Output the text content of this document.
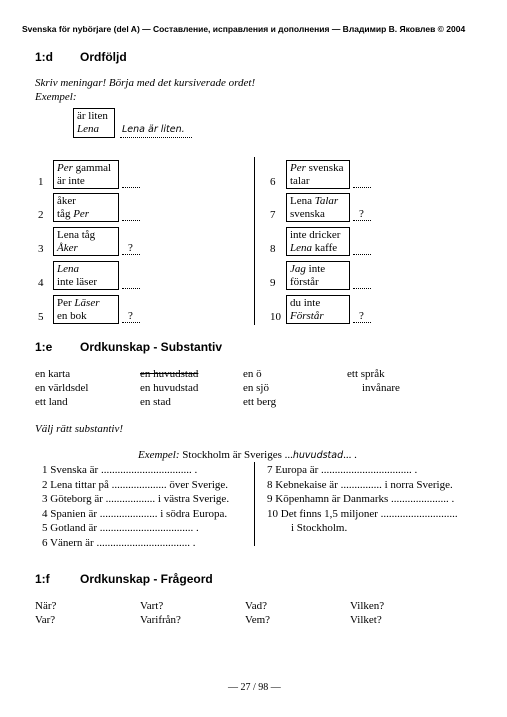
Svenska för nybörjare (del A) — Составление, исправления и дополнения — Владимир В. Яковлев © 2004
1:d Ordföljd
Skriv meningar! Börja med det kursiverade ordet!
Exempel:
är liten
Lena	Lena är liten.
1
Per gammal
är inte
2
åker
tåg Per
3
Lena tåg
Åker	?
4
Lena
inte läser
5
Per Läser
en bok	?
6
Per svenska
talar
7
Lena Talar
svenska	?
8
inte dricker
Lena kaffe
9
Jag inte
förstår
10
du inte
Förstår	?
1:e Ordkunskap - Substantiv
en karta	en huvudstad	en ö	ett språk
en världsdel	en huvudstad	en sjö	invånare
ett land	en stad	ett berg
Välj rätt substantiv!
Exempel: Stockholm är Sveriges ...huvudstad... .
1 Svenska är ................................. .
2 Lena tittar på .................... över Sverige.
3 Göteborg är .................. i västra Sverige.
4 Spanien är ..................... i södra Europa.
5 Gotland är .................................. .
6 Vänern är .................................. .
7 Europa är ................................. .
8 Kebnekaise är ............... i norra Sverige.
9 Köpenhamn är Danmarks ..................... .
10 Det finns 1,5 miljoner ............................
i Stockholm.
1:f	Ordkunskap - Frågeord
När?	Vart?	Vad?	Vilken?
Var?	Varifrån?	Vem?	Vilket?
— 27 / 98 —
